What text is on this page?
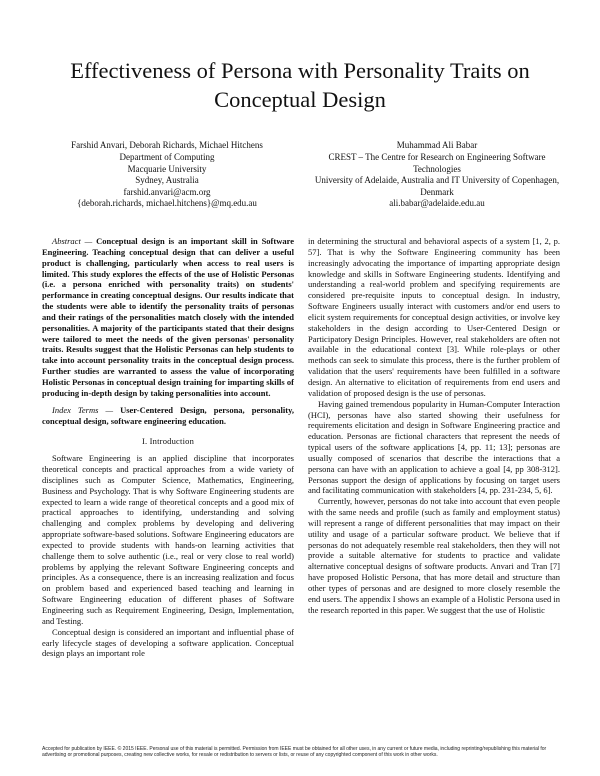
Effectiveness of Persona with Personality Traits on Conceptual Design
Farshid Anvari, Deborah Richards, Michael Hitchens
Department of Computing
Macquarie University
Sydney, Australia
farshid.anvari@acm.org
{deborah.richards, michael.hitchens}@mq.edu.au
Muhammad Ali Babar
CREST – The Centre for Research on Engineering Software Technologies
University of Adelaide, Australia and IT University of Copenhagen, Denmark
ali.babar@adelaide.edu.au

Abstract — Conceptual design is an important skill in Software Engineering. Teaching conceptual design that can deliver a useful product is challenging, particularly when access to real users is limited. This study explores the effects of the use of Holistic Personas (i.e. a persona enriched with personality traits) on students' performance in creating conceptual designs. Our results indicate that the students were able to identify the personality traits of personas and their ratings of the personalities match closely with the intended personalities. A majority of the participants stated that their designs were tailored to meet the needs of the given personas' personality traits. Results suggest that the Holistic Personas can help students to take into account personality traits in the conceptual design process. Further studies are warranted to assess the value of incorporating Holistic Personas in conceptual design training for imparting skills of producing in-depth design by taking personalities into account.

Index Terms — User-Centered Design, persona, personality, conceptual design, software engineering education.

I. Introduction

Software Engineering is an applied discipline that incorporates theoretical concepts and practical approaches from a wide variety of disciplines such as Computer Science, Mathematics, Engineering, Business and Psychology. That is why Software Engineering students are expected to learn a wide range of theoretical concepts and a good mix of practical approaches to identifying, understanding and solving challenging and complex problems by developing and delivering appropriate software-based solutions. Software Engineering educators are expected to provide students with hands-on learning activities that challenge them to solve authentic (i.e., real or very close to real world) problems by applying the relevant Software Engineering concepts and principles. As a consequence, there is an increasing realization and focus on problem based and experienced based teaching and learning in Software Engineering education of different phases of Software Engineering such as Requirement Engineering, Design, Implementation, and Testing.

Conceptual design is considered an important and influential phase of early lifecycle stages of developing a software application. Conceptual design plays an important role

in determining the structural and behavioral aspects of a system [1, 2, p. 57]. That is why the Software Engineering community has been increasingly advocating the importance of imparting appropriate design knowledge and skills in Software Engineering students. Identifying and understanding a real-world problem and specifying requirements are considered pre-requisite inputs to conceptual design. In industry, Software Engineers usually interact with customers and/or end users to elicit system requirements for conceptual design activities, or involve key stakeholders in the design according to User-Centered Design or Participatory Design Principles. However, real stakeholders are often not available in the educational context [3]. While role-plays or other methods can seek to simulate this process, there is the further problem of validation that the users' requirements have been fulfilled in a software design. An alternative to elicitation of requirements from end users and validation of proposed design is the use of personas.

Having gained tremendous popularity in Human-Computer Interaction (HCI), personas have also started showing their usefulness for requirements elicitation and design in Software Engineering practice and education. Personas are fictional characters that represent the needs of typical users of the software applications [4, pp. 11; 13]; personas are usually composed of scenarios that describe the interactions that a persona can have with an application to achieve a goal [4, pp 308-312]. Personas support the design of applications by focusing on target users and facilitating communication with stakeholders [4, pp. 231-234, 5, 6].

Currently, however, personas do not take into account that even people with the same needs and profile (such as family and employment status) will represent a range of different personalities that may impact on their utility and usage of a particular software product. We believe that if personas do not adequately resemble real stakeholders, then they will not provide a suitable alternative for students to practice and validate alternative conceptual designs of software products. Anvari and Tran [7] have proposed Holistic Persona, that has more detail and structure than other types of personas and are designed to more closely resemble the end users. The appendix I shows an example of a Holistic Persona used in the research reported in this paper. We suggest that the use of Holistic

Accepted for publication by IEEE. © 2015 IEEE. Personal use of this material is permitted. Permission from IEEE must be obtained for all other uses, in any current or future media, including reprinting/republishing this material for advertising or promotional purposes, creating new collective works, for resale or redistribution to servers or lists, or reuse of any copyrighted component of this work in other works.
